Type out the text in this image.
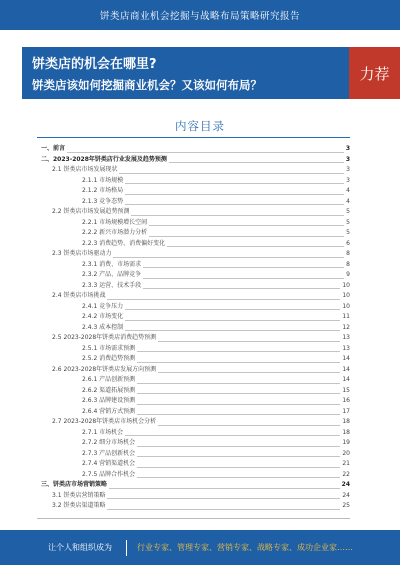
饼类店商业机会挖掘与战略布局策略研究报告
饼类店的机会在哪里?
饼类店该如何挖掘商业机会？又该如何布局？
力荐
内容目录
一、前言	3
二、2023-2028年饼类店行业发展及趋势预测	3
2.1 饼类店市场发展现状	3
2.1.1 市场规模	3
2.1.2 市场格局	4
2.1.3 竞争态势	4
2.2 饼类店市场发展趋势预测	5
2.2.1 市场规模增长空间	5
2.2.2 新兴市场潜力分析	5
2.2.3 消费趋势、消费偏好变化	6
2.3 饼类店市场驱动力	8
2.3.1 消费、市场需求	8
2.3.2 产品、品牌竞争	9
2.3.3 运营、技术手段	10
2.4 饼类店市场挑战	10
2.4.1 竞争压力	10
2.4.2 市场变化	11
2.4.3 成本控制	12
2.5 2023-2028年饼类店消费趋势预测	13
2.5.1 市场需求预测	13
2.5.2 消费趋势预测	14
2.6 2023-2028年饼类店发展方向预测	14
2.6.1 产品创新预测	14
2.6.2 渠道拓展预测	15
2.6.3 品牌建设预测	16
2.6.4 营销方式预测	17
2.7 2023-2028年饼类店市场机会分析	18
2.7.1 市场机会	18
2.7.2 细分市场机会	19
2.7.3 产品创新机会	20
2.7.4 营销渠道机会	21
2.7.5 品牌合作机会	22
三、饼类店市场营销策略	24
3.1 饼类店营销策略	24
3.2 饼类店渠道策略	25
让个人和组织成为	行业专家、管理专家、营销专家、战略专家、成功企业家……
